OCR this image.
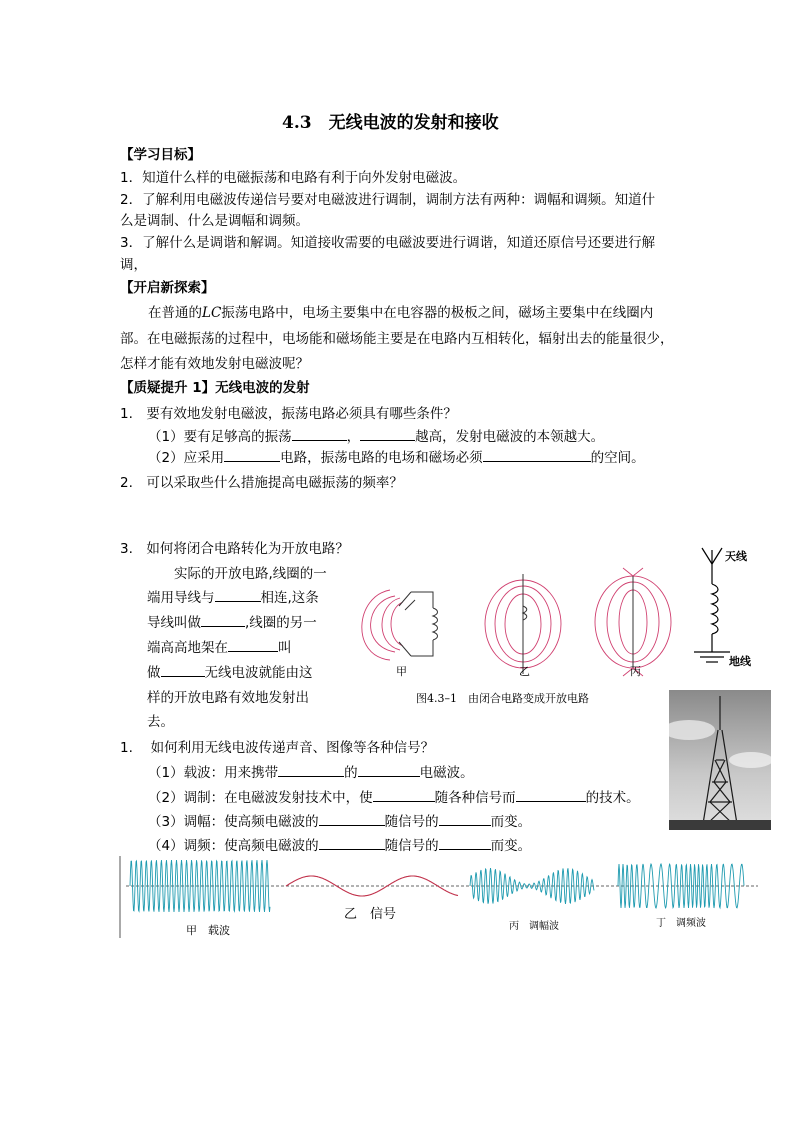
4.3　无线电波的发射和接收
【学习目标】
1．知道什么样的电磁振荡和电路有利于向外发射电磁波。
2．了解利用电磁波传递信号要对电磁波进行调制，调制方法有两种：调幅和调频。知道什
么是调制、什么是调幅和调频。
3．了解什么是调谐和解调。知道接收需要的电磁波要进行调谐，知道还原信号还要进行解
调，
【开启新探索】
在普通的LC振荡电路中，电场主要集中在电容器的极板之间，磁场主要集中在线圈内
部。在电磁振荡的过程中，电场能和磁场能主要是在电路内互相转化，辐射出去的能量很少，
怎样才能有效地发射电磁波呢？
【质疑提升 1】无线电波的发射
1.　要有效地发射电磁波，振荡电路必须具有哪些条件？
（1）要有足够高的振荡	，	越高，发射电磁波的本领越大。
（2）应采用	电路，振荡电路的电场和磁场必须	的空间。
2.　可以采取些什么措施提高电磁振荡的频率？
3.　如何将闭合电路转化为开放电路？
实际的开放电路,线圈的一
端用导线与	相连,这条
导线叫做	,线圈的另一
端高高地架在	叫
做	无线电波就能由这
样的开放电路有效地发射出
去。
甲	乙	丙
图4.3–1　由闭合电路变成开放电路
天线
地线
1.　 如何利用无线电波传递声音、图像等各种信号？
（1）载波：用来携带	的	电磁波。
（2）调制：在电磁波发射技术中，使	随各种信号而	的技术。
（3）调幅：使高频电磁波的	随信号的	而变。
（4）调频：使高频电磁波的	随信号的	而变。
甲　载波
乙　信号
丙　调幅波	丁　调频波
